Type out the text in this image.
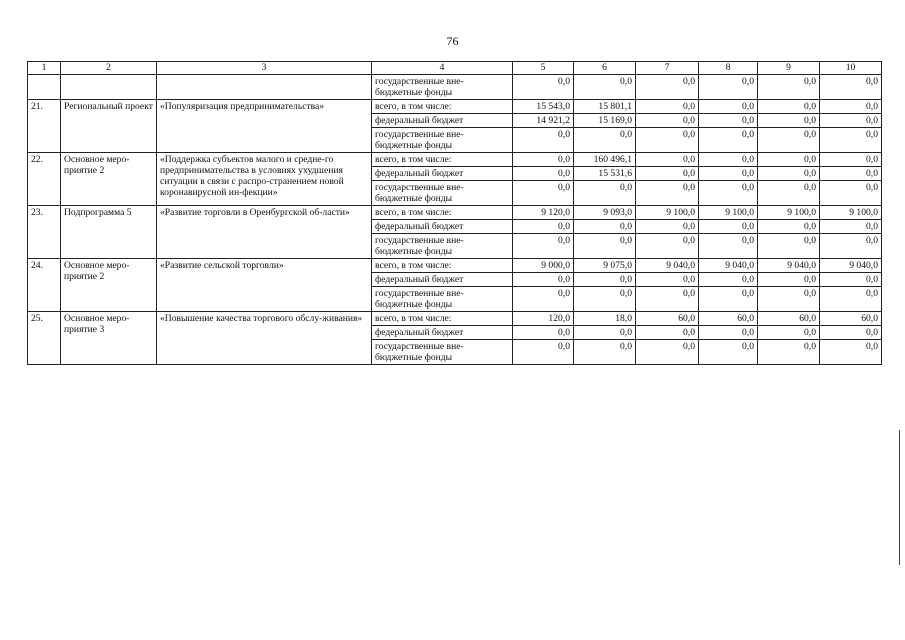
76
1	2	3	4	5	6	7	8	9	10
			государственные вне-бюджетные фонды	0,0	0,0	0,0	0,0	0,0	0,0
21.	Региональный проект	«Популяризация предпринимательства»	всего, в том числе:	15 543,0	15 801,1	0,0	0,0	0,0	0,0
			федеральный бюджет	14 921,2	15 169,0	0,0	0,0	0,0	0,0
			государственные вне-бюджетные фонды	0,0	0,0	0,0	0,0	0,0	0,0
22.	Основное меро-приятие 2	«Поддержка субъектов малого и средне-го предпринимательства в условиях ухудшения ситуации в связи с распро-странением новой коронавирусной ин-фекции»	всего, в том числе:	0,0	160 496,1	0,0	0,0	0,0	0,0
			федеральный бюджет	0,0	15 531,6	0,0	0,0	0,0	0,0
			государственные вне-бюджетные фонды	0,0	0,0	0,0	0,0	0,0	0,0
23.	Подпрограмма 5	«Развитие торговли в Оренбургской об-ласти»	всего, в том числе:	9 120,0	9 093,0	9 100,0	9 100,0	9 100,0	9 100,0
			федеральный бюджет	0,0	0,0	0,0	0,0	0,0	0,0
			государственные вне-бюджетные фонды	0,0	0,0	0,0	0,0	0,0	0,0
24.	Основное меро-приятие 2	«Развитие сельской торговли»	всего, в том числе:	9 000,0	9 075,0	9 040,0	9 040,0	9 040,0	9 040,0
			федеральный бюджет	0,0	0,0	0,0	0,0	0,0	0,0
			государственные вне-бюджетные фонды	0,0	0,0	0,0	0,0	0,0	0,0
25.	Основное меро-приятие 3	«Повышение качества торгового обслу-живания»	всего, в том числе:	120,0	18,0	60,0	60,0	60,0	60,0
			федеральный бюджет	0,0	0,0	0,0	0,0	0,0	0,0
			государственные вне-бюджетные фонды	0,0	0,0	0,0	0,0	0,0	0,0
